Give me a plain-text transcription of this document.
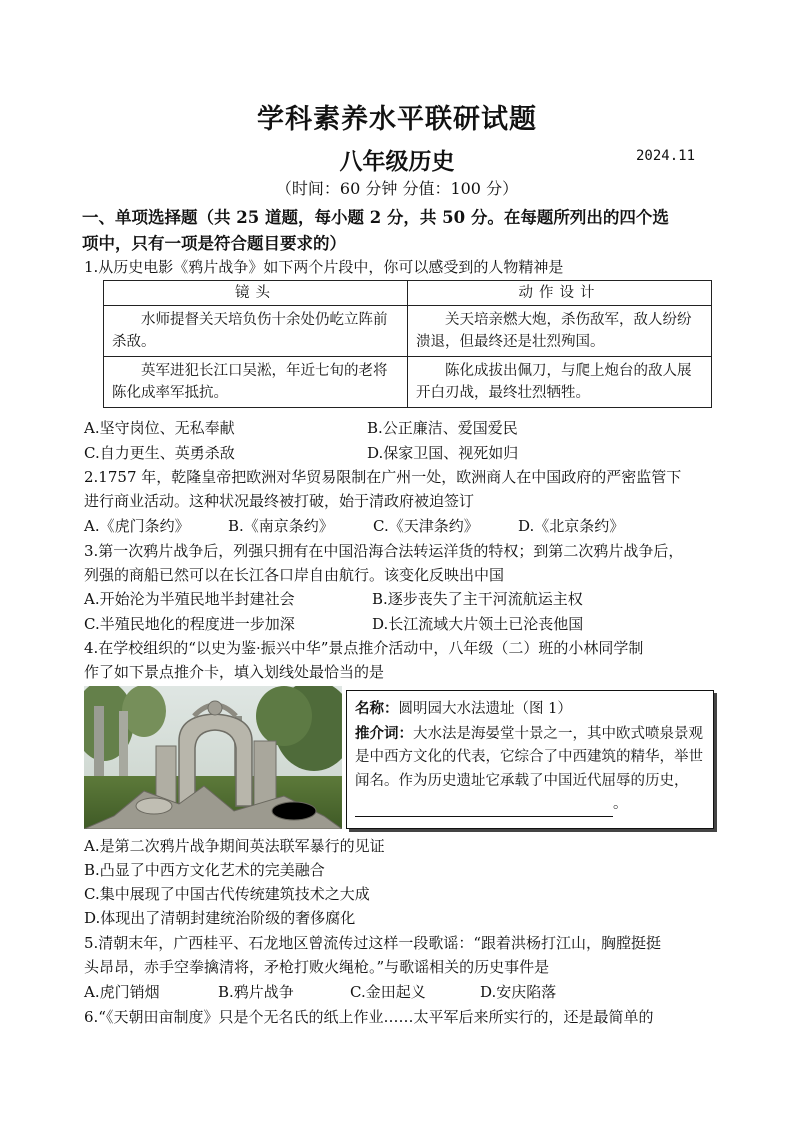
学科素养水平联研试题
八年级历史	2024.11
（时间：60 分钟 分值：100 分）
一、单项选择题（共 25 道题，每小题 2 分，共 50 分。在每题所列出的四个选
项中，只有一项是符合题目要求的）
1.从历史电影《鸦片战争》如下两个片段中，你可以感受到的人物精神是
镜头	动作设计
　　水师提督关天培负伤十余处仍屹立阵前杀敌。	　　关天培亲燃大炮，杀伤敌军，敌人纷纷溃退，但最终还是壮烈殉国。
　　英军进犯长江口吴淞，年近七旬的老将陈化成率军抵抗。	　　陈化成拔出佩刀，与爬上炮台的敌人展开白刃战，最终壮烈牺牲。
A.坚守岗位、无私奉献	B.公正廉洁、爱国爱民
C.自力更生、英勇杀敌	D.保家卫国、视死如归
2.1757 年，乾隆皇帝把欧洲对华贸易限制在广州一处，欧洲商人在中国政府的严密监管下
进行商业活动。这种状况最终被打破，始于清政府被迫签订
A.《虎门条约》	B.《南京条约》	C.《天津条约》	D.《北京条约》
3.第一次鸦片战争后，列强只拥有在中国沿海合法转运洋货的特权；到第二次鸦片战争后，
列强的商船已然可以在长江各口岸自由航行。该变化反映出中国
A.开始沦为半殖民地半封建社会	B.逐步丧失了主干河流航运主权
C.半殖民地化的程度进一步加深	D.长江流域大片领土已沦丧他国
4.在学校组织的“以史为鉴·振兴中华”景点推介活动中，八年级（二）班的小林同学制
作了如下景点推介卡，填入划线处最恰当的是
名称：圆明园大水法遗址（图 1）
推介词：大水法是海晏堂十景之一，其中欧式喷泉景观是中西方文化的代表，它综合了中西建筑的精华，举世闻名。作为历史遗址它承载了中国近代屈辱的历史，。
A.是第二次鸦片战争期间英法联军暴行的见证
B.凸显了中西方文化艺术的完美融合
C.集中展现了中国古代传统建筑技术之大成
D.体现出了清朝封建统治阶级的奢侈腐化
5.清朝末年，广西桂平、石龙地区曾流传过这样一段歌谣：“跟着洪杨打江山，胸膛挺挺
头昂昂，赤手空拳擒清将，矛枪打败火绳枪。”与歌谣相关的历史事件是
A.虎门销烟	B.鸦片战争	C.金田起义	D.安庆陷落
6.“《天朝田亩制度》只是个无名氏的纸上作业……太平军后来所实行的，还是最简单的
